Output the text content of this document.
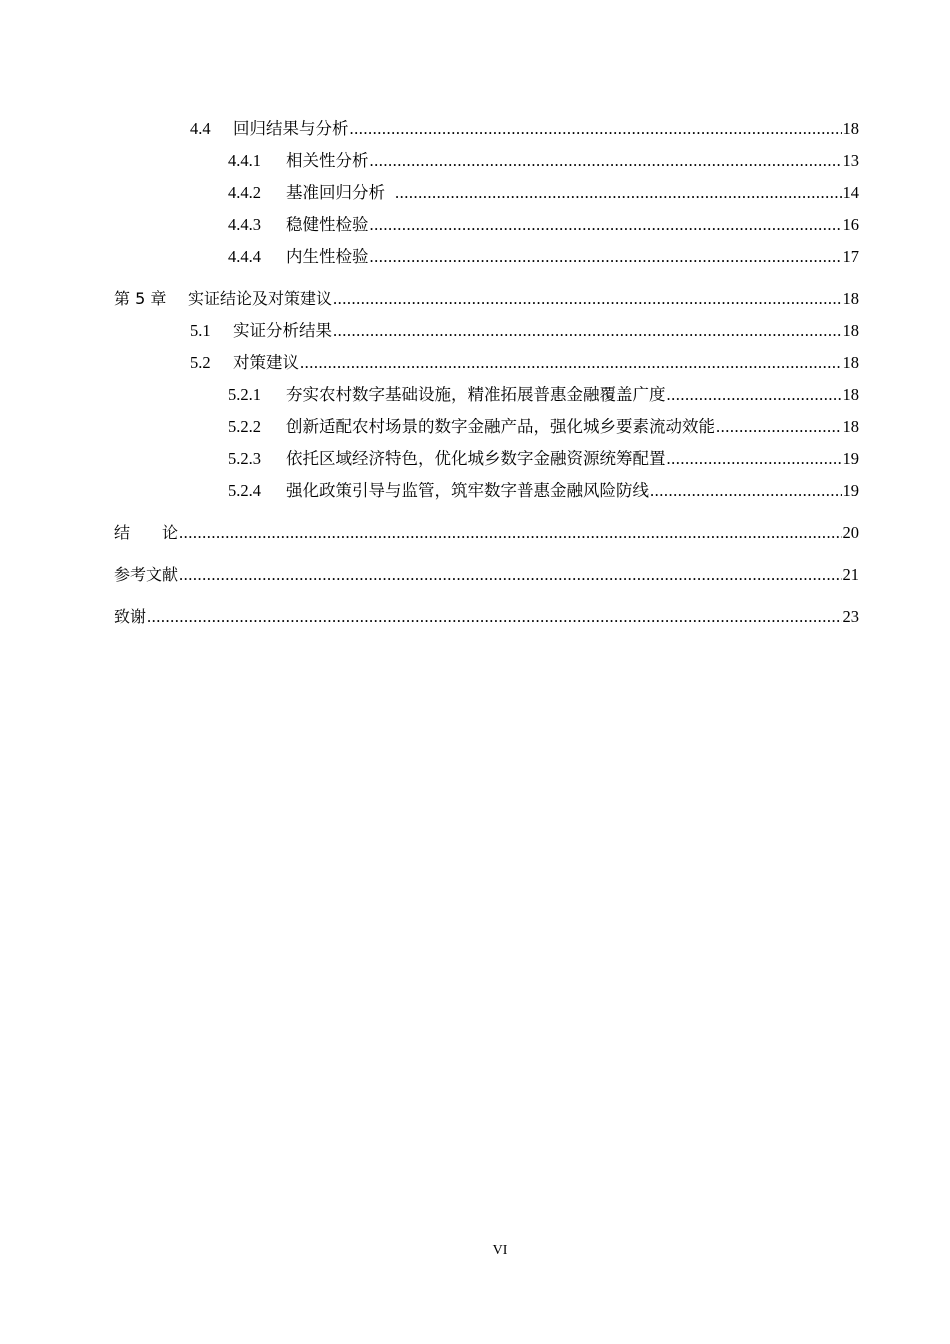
4.4	回归结果与分析 .....	18
4.4.1	相关性分析 .....	13
4.4.2	基准回归分析 .....	14
4.4.3	稳健性检验 .....	16
4.4.4	内生性检验 .....	17
第 5 章	实证结论及对策建议 .....	18
5.1	实证分析结果 .....	18
5.2	对策建议 .....	18
5.2.1	夯实农村数字基础设施，精准拓展普惠金融覆盖广度 .....	18
5.2.2	创新适配农村场景的数字金融产品，强化城乡要素流动效能 .....	18
5.2.3	依托区域经济特色，优化城乡数字金融资源统筹配置 .....	19
5.2.4	强化政策引导与监管，筑牢数字普惠金融风险防线 .....	19
结　　论 .....	20
参考文献 .....	21
致谢 .....	23
VI
